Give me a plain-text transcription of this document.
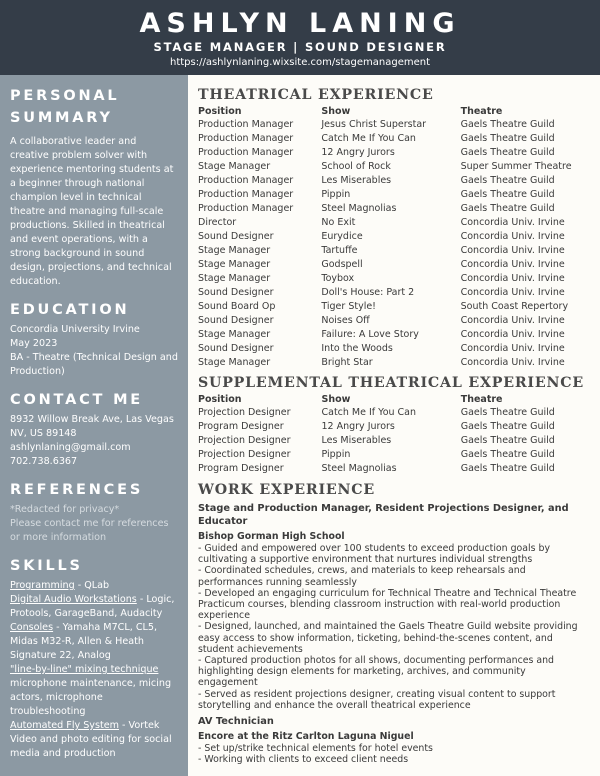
ASHLYN LANING
STAGE MANAGER | SOUND DESIGNER
https://ashlynlaning.wixsite.com/stagemanagement
PERSONAL SUMMARY
A collaborative leader and creative problem solver with experience mentoring students at a beginner through national champion level in technical theatre and managing full-scale productions. Skilled in theatrical and event operations, with a strong background in sound design, projections, and technical education.
EDUCATION
Concordia University Irvine
May 2023
BA - Theatre (Technical Design and Production)
CONTACT ME
8932 Willow Break Ave, Las Vegas NV, US 89148
ashlynlaning@gmail.com
702.738.6367
REFERENCES
*Redacted for privacy*
Please contact me for references or more information
SKILLS
Programming - QLab
Digital Audio Workstations - Logic, Protools, GarageBand, Audacity
Consoles - Yamaha M7CL, CL5, Midas M32-R, Allen & Heath Signature 22, Analog
"line-by-line" mixing technique microphone maintenance, micing actors, microphone troubleshooting
Automated Fly System - Vortek Video and photo editing for social media and production
THEATRICAL EXPERIENCE
Position	Show	Theatre
Production Manager	Jesus Christ Superstar	Gaels Theatre Guild
Production Manager	Catch Me If You Can	Gaels Theatre Guild
Production Manager	12 Angry Jurors	Gaels Theatre Guild
Stage Manager	School of Rock	Super Summer Theatre
Production Manager	Les Miserables	Gaels Theatre Guild
Production Manager	Pippin	Gaels Theatre Guild
Production Manager	Steel Magnolias	Gaels Theatre Guild
Director	No Exit	Concordia Univ. Irvine
Sound Designer	Eurydice	Concordia Univ. Irvine
Stage Manager	Tartuffe	Concordia Univ. Irvine
Stage Manager	Godspell	Concordia Univ. Irvine
Stage Manager	Toybox	Concordia Univ. Irvine
Sound Designer	Doll's House: Part 2	Concordia Univ. Irvine
Sound Board Op	Tiger Style!	South Coast Repertory
Sound Designer	Noises Off	Concordia Univ. Irvine
Stage Manager	Failure: A Love Story	Concordia Univ. Irvine
Sound Designer	Into the Woods	Concordia Univ. Irvine
Stage Manager	Bright Star	Concordia Univ. Irvine
SUPPLEMENTAL THEATRICAL EXPERIENCE
Position	Show	Theatre
Projection Designer	Catch Me If You Can	Gaels Theatre Guild
Program Designer	12 Angry Jurors	Gaels Theatre Guild
Projection Designer	Les Miserables	Gaels Theatre Guild
Projection Designer	Pippin	Gaels Theatre Guild
Program Designer	Steel Magnolias	Gaels Theatre Guild
WORK EXPERIENCE
Stage and Production Manager, Resident Projections Designer, and Educator
Bishop Gorman High School
- Guided and empowered over 100 students to exceed production goals by cultivating a supportive environment that nurtures individual strengths
- Coordinated schedules, crews, and materials to keep rehearsals and performances running seamlessly
- Developed an engaging curriculum for Technical Theatre and Technical Theatre Practicum courses, blending classroom instruction with real-world production experience
- Designed, launched, and maintained the Gaels Theatre Guild website providing easy access to show information, ticketing, behind-the-scenes content, and student achievements
- Captured production photos for all shows, documenting performances and highlighting design elements for marketing, archives, and community engagement
- Served as resident projections designer, creating visual content to support storytelling and enhance the overall theatrical experience
AV Technician
Encore at the Ritz Carlton Laguna Niguel
- Set up/strike technical elements for hotel events
- Working with clients to exceed client needs
